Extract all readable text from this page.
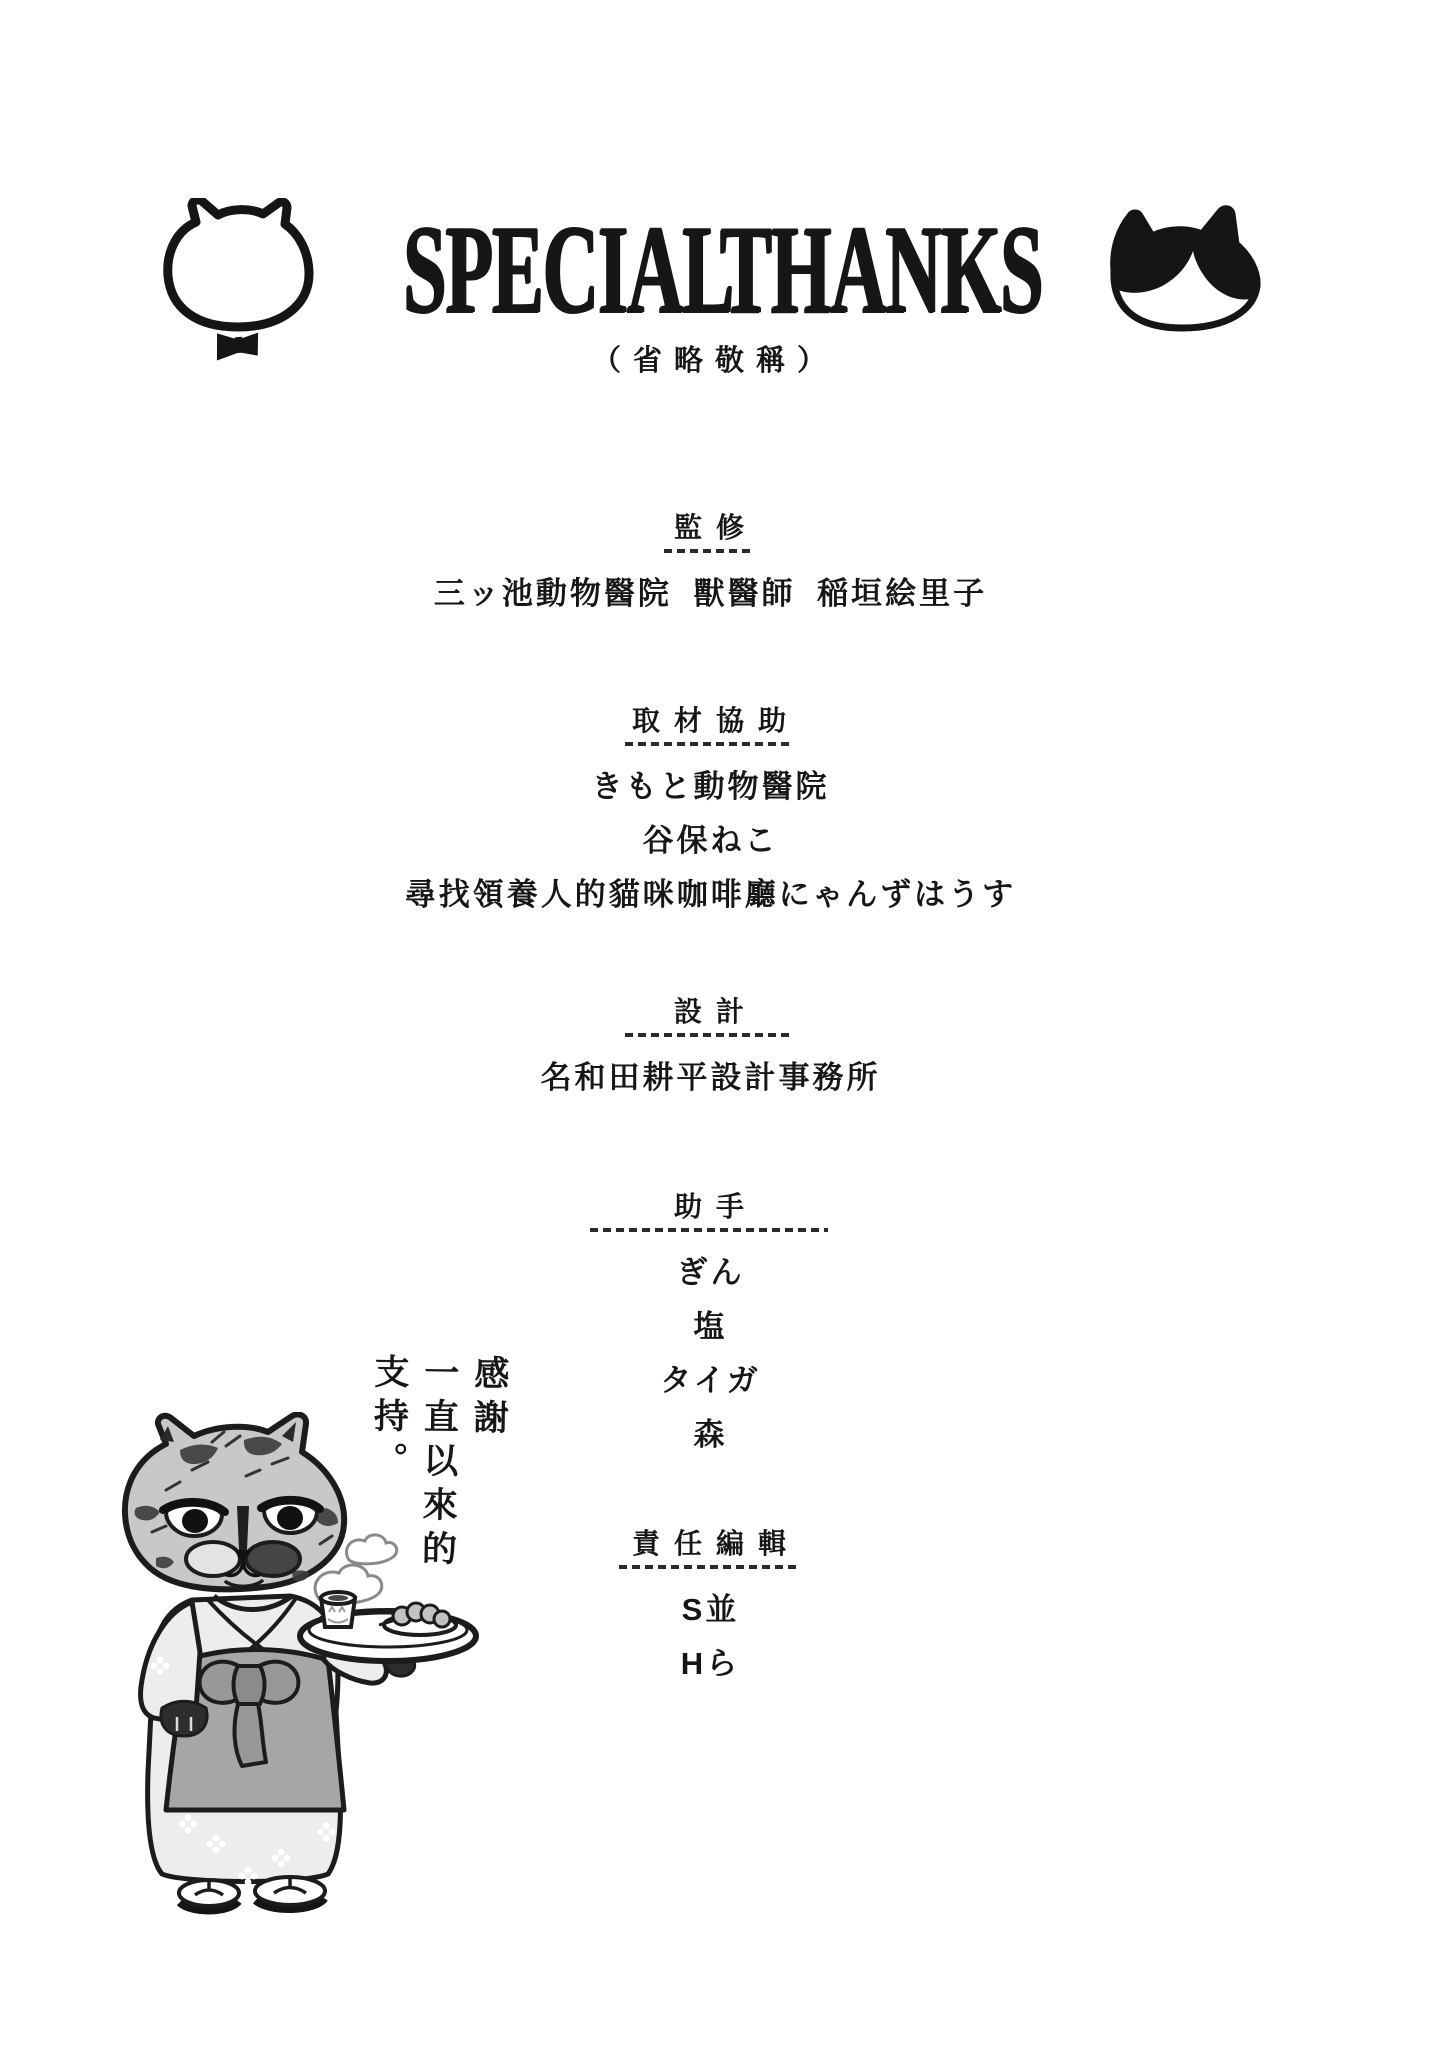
SPECIAL THANKS
（省略敬稱）
監修
三ッ池動物醫院 獸醫師 稲垣絵里子
取材協助
きもと動物醫院
谷保ねこ
尋找領養人的貓咪咖啡廳にゃんずはうす
設計
名和田耕平設計事務所
助手
ぎん
塩
タイガ
森
責任編輯
S並
Hら
感謝
一直以來的
支持。
